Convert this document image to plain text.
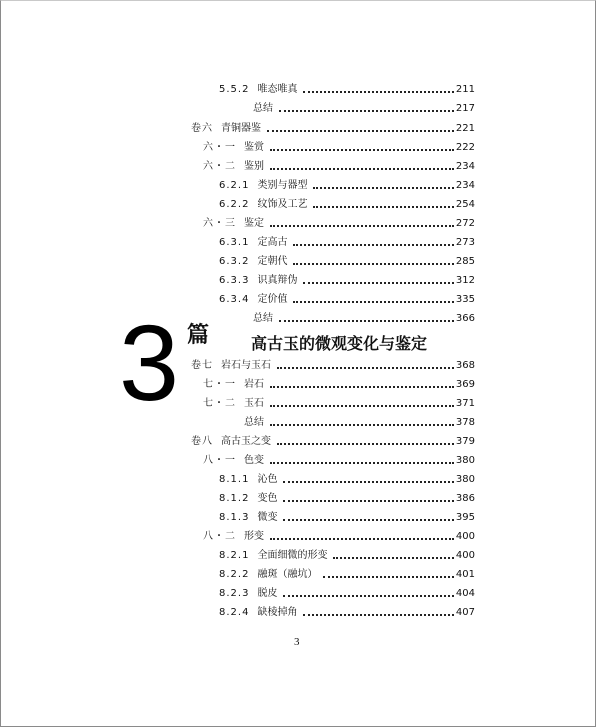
5.5.2 唯态唯真	211
总结	217
卷六 青铜器鉴	221
六・一 鉴赏	222
六・二 鉴别	234
6.2.1 类别与器型	234
6.2.2 纹饰及工艺	254
六・三 鉴定	272
6.3.1 定高古	273
6.3.2 定朝代	285
6.3.3 识真辩伪	312
6.3.4 定价值	335
总结	366
3 篇	高古玉的微观变化与鉴定
卷七 岩石与玉石	368
七・一 岩石	369
七・二 玉石	371
总结	378
卷八 高古玉之变	379
八・一 色变	380
8.1.1 沁色	380
8.1.2 变色	386
8.1.3 微变	395
八・二 形变	400
8.2.1 全面细微的形变	400
8.2.2 融斑（融坑）	401
8.2.3 脱皮	404
8.2.4 缺棱掉角	407
3
